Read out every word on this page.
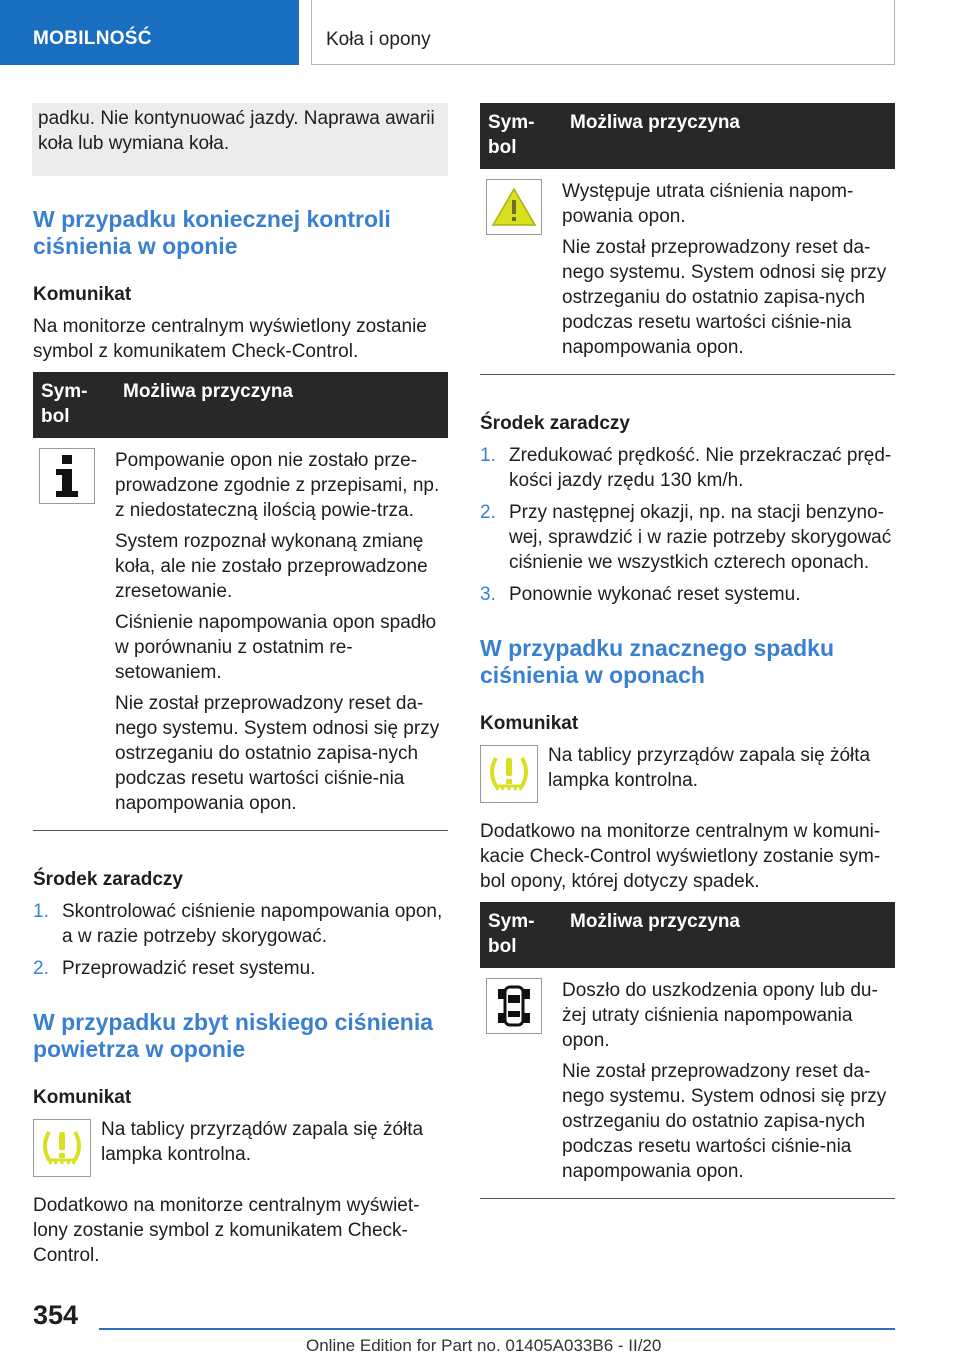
MOBILNOŚĆ	Koła i opony

padku. Nie kontynuować jazdy. Naprawa awarii koła lub wymiana koła.

W przypadku koniecznej kontroli ciśnienia w oponie
Komunikat

Na monitorze centralnym wyświetlony zostanie symbol z komunikatem Check-Control.

Sym-bol	Możliwa przyczyna

Pompowanie opon nie zostało prze-prowadzone zgodnie z przepisami, np. z niedostateczną ilością powie-trza.

System rozpoznał wykonaną zmianę koła, ale nie zostało przeprowadzone zresetowanie.

Ciśnienie napompowania opon spadło w porównaniu z ostatnim re-setowaniem.

Nie został przeprowadzony reset da-nego systemu. System odnosi się przy ostrzeganiu do ostatnio zapisa-nych podczas resetu wartości ciśnie-nia napompowania opon.

Środek zaradczy
1. Skontrolować ciśnienie napompowania opon, a w razie potrzeby skorygować.
2. Przeprowadzić reset systemu.
W przypadku zbyt niskiego ciśnienia powietrza w oponie
Komunikat

Na tablicy przyrządów zapala się żółta lampka kontrolna.

Dodatkowo na monitorze centralnym wyświet-lony zostanie symbol z komunikatem Check-Control.

Sym-bol	Możliwa przyczyna

Występuje utrata ciśnienia napom-powania opon.

Nie został przeprowadzony reset da-nego systemu. System odnosi się przy ostrzeganiu do ostatnio zapisa-nych podczas resetu wartości ciśnie-nia napompowania opon.

Środek zaradczy
1. Zredukować prędkość. Nie przekraczać pręd-kości jazdy rzędu 130 km/h.
2. Przy następnej okazji, np. na stacji benzyno-wej, sprawdzić i w razie potrzeby skorygować ciśnienie we wszystkich czterech oponach.
3. Ponownie wykonać reset systemu.
W przypadku znacznego spadku ciśnienia w oponach
Komunikat

Na tablicy przyrządów zapala się żółta lampka kontrolna.

Dodatkowo na monitorze centralnym w komuni-kacie Check-Control wyświetlony zostanie sym-bol opony, której dotyczy spadek.

Sym-bol	Możliwa przyczyna

Doszło do uszkodzenia opony lub du-żej utraty ciśnienia napompowania opon.

Nie został przeprowadzony reset da-nego systemu. System odnosi się przy ostrzeganiu do ostatnio zapisa-nych podczas resetu wartości ciśnie-nia napompowania opon.

354
Online Edition for Part no. 01405A033B6 - II/20
